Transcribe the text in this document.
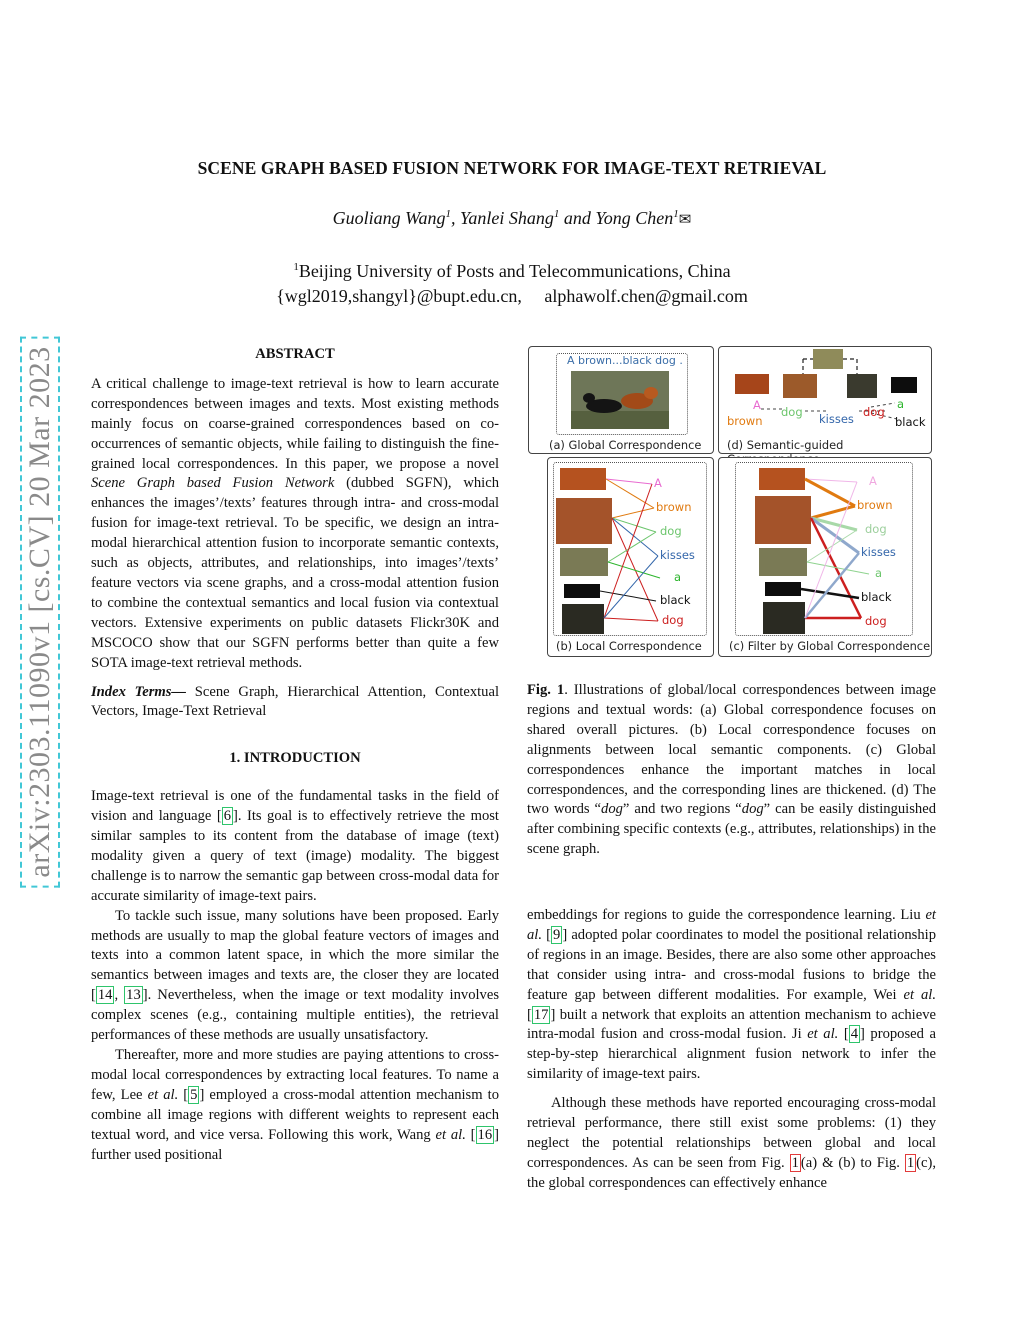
arXiv:2303.11090v1 [cs.CV] 20 Mar 2023
SCENE GRAPH BASED FUSION NETWORK FOR IMAGE-TEXT RETRIEVAL
Guoliang Wang$^1$, Yanlei Shang$^1$ and Yong Chen$^1$✉
$^1$Beijing University of Posts and Telecommunications, China
{wgl2019,shangyl}@bupt.edu.cn,     alphawolf.chen@gmail.com
ABSTRACT

A critical challenge to image-text retrieval is how to learn accurate correspondences between images and texts. Most existing methods mainly focus on coarse-grained correspondences based on co-occurrences of semantic objects, while failing to distinguish the fine-grained local correspondences. In this paper, we propose a novel Scene Graph based Fusion Network (dubbed SGFN), which enhances the images’/texts’ features through intra- and cross-modal fusion for image-text retrieval. To be specific, we design an intra-modal hierarchical attention fusion to incorporate semantic contexts, such as objects, attributes, and relationships, into images’/texts’ feature vectors via scene graphs, and a cross-modal attention fusion to combine the contextual semantics and local fusion via contextual vectors. Extensive experiments on public datasets Flickr30K and MSCOCO show that our SGFN performs better than quite a few SOTA image-text retrieval methods.

Index Terms— Scene Graph, Hierarchical Attention, Contextual Vectors, Image-Text Retrieval

1. INTRODUCTION

Image-text retrieval is one of the fundamental tasks in the field of vision and language [ 6 ]. Its goal is to effectively retrieve the most similar samples to its content from the database of image (text) modality given a query of text (image) modality. The biggest challenge is to narrow the semantic gap between cross-modal data for accurate similarity of image-text pairs.

To tackle such issue, many solutions have been proposed. Early methods are usually to map the global feature vectors of images and texts into a common latent space, in which the more similar the semantics between images and texts are, the closer they are located [ 14 , 13 ]. Nevertheless, when the image or text modality involves complex scenes (e.g., containing multiple entities), the retrieval performances of these methods are usually unsatisfactory.

Thereafter, more and more studies are paying attentions to cross-modal local correspondences by extracting local features. To name a few, Lee et al. [ 5 ] employed a cross-modal attention mechanism to combine all image regions with different weights to represent each textual word, and vice versa. Following this work, Wang et al. [ 16 ] further used positional

A brown...black dog .
(a) Global Correspondence
A
brown
dog kisses dog
a
black
(d) Semantic-guided
A
brown
dog
kisses
a
black
dog
(b) Local Correspondence
A
brown
dog
kisses
a
black
dog
(c) Filter by Global Correspondence

Fig. 1. Illustrations of global/local correspondences between image regions and textual words: (a) Global correspondence focuses on shared overall pictures. (b) Local correspondence focuses on alignments between local semantic components. (c) Global correspondences enhance the important matches in local correspondences, and the corresponding lines are thickened. (d) The two words “dog” and two regions “dog” can be easily distinguished after combining specific contexts (e.g., attributes, relationships) in the scene graph.

embeddings for regions to guide the correspondence learning. Liu et al. [ 9 ] adopted polar coordinates to model the positional relationship of regions in an image. Besides, there are also some other approaches that consider using intra- and cross-modal fusions to bridge the feature gap between different modalities. For example, Wei et al. [ 17 ] built a network that exploits an attention mechanism to achieve intra-modal fusion and cross-modal fusion. Ji et al. [ 4 ] proposed a step-by-step hierarchical alignment fusion network to infer the similarity of image-text pairs.

Although these methods have reported encouraging cross-modal retrieval performance, there still exist some problems: (1) they neglect the potential relationships between global and local correspondences. As can be seen from Fig. 1 (a) & (b) to Fig. 1 (c), the global correspondences can effectively enhance
